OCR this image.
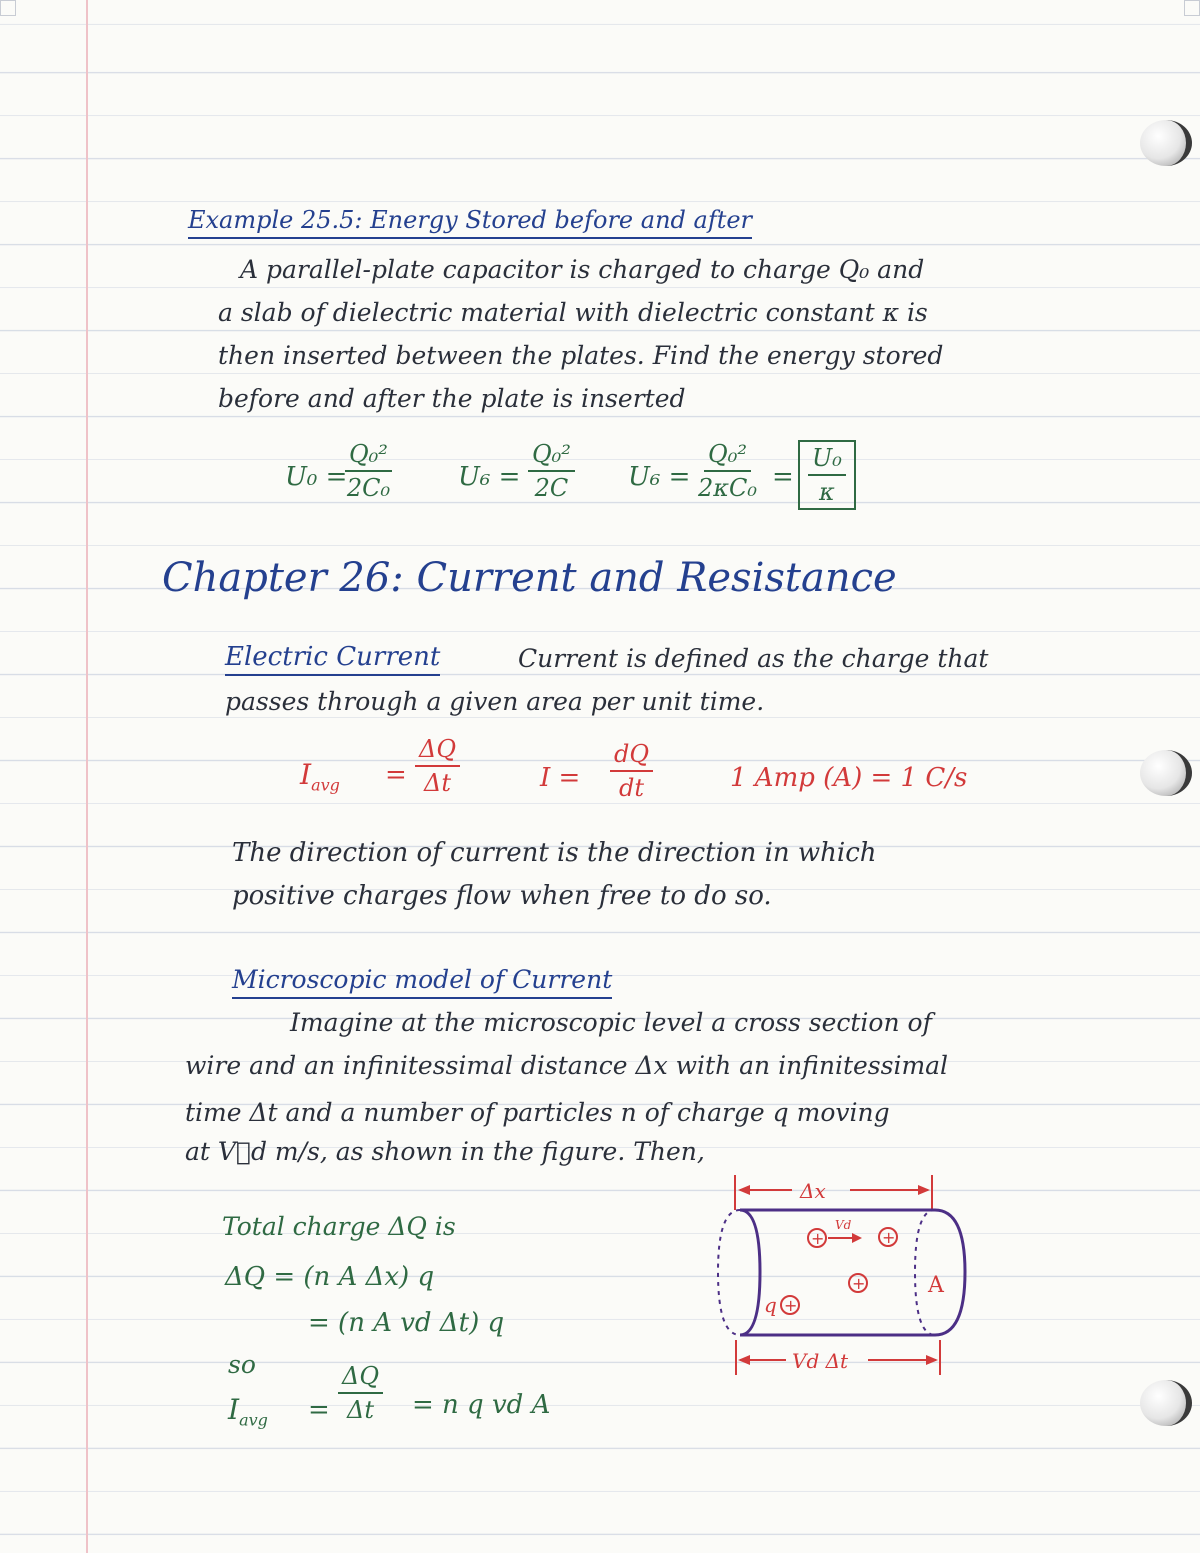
Example 25.5: Energy Stored before and after
A parallel-plate capacitor is charged to charge Q₀ and
a slab of dielectric material with dielectric constant κ is
then inserted between the plates. Find the energy stored
before and after the plate is inserted
U₀ =
$\frac{\text{Q₀²}}{\text{2C₀}}$	$U_6 = \frac{\text{Q₀²}}{2C} U_6 = \frac{\text{Q₀²}}{\text{2κC₀}} = \frac{\text{U₀}}{\kappa}$
Chapter 26: Current and Resistance
Electric Current	Current is defined as the charge that
passes through a given area per unit time.
$I_{avg} = \frac{\Delta Q}{\Delta t}$	$I = \frac{dQ}{dt}$	1 Amp (A) = 1 C/s
The direction of current is the direction in which
positive charges flow when free to do so.
Microscopic model of Current
Imagine at the microscopic level a cross section of
wire and an infinitessimal distance Δx with an infinitessimal
time Δt and a number of particles n of charge q moving
at V⃗d m/s, as shown in the figure. Then,
Total charge ΔQ is
ΔQ = (n A Δx) q
= (n A vd Δt) q
so
$I_{avg} = \frac{\Delta Q}{\Delta t} = n$ q vd A
Δx
+
Vd
+
+
q +
A
Vd Δt
